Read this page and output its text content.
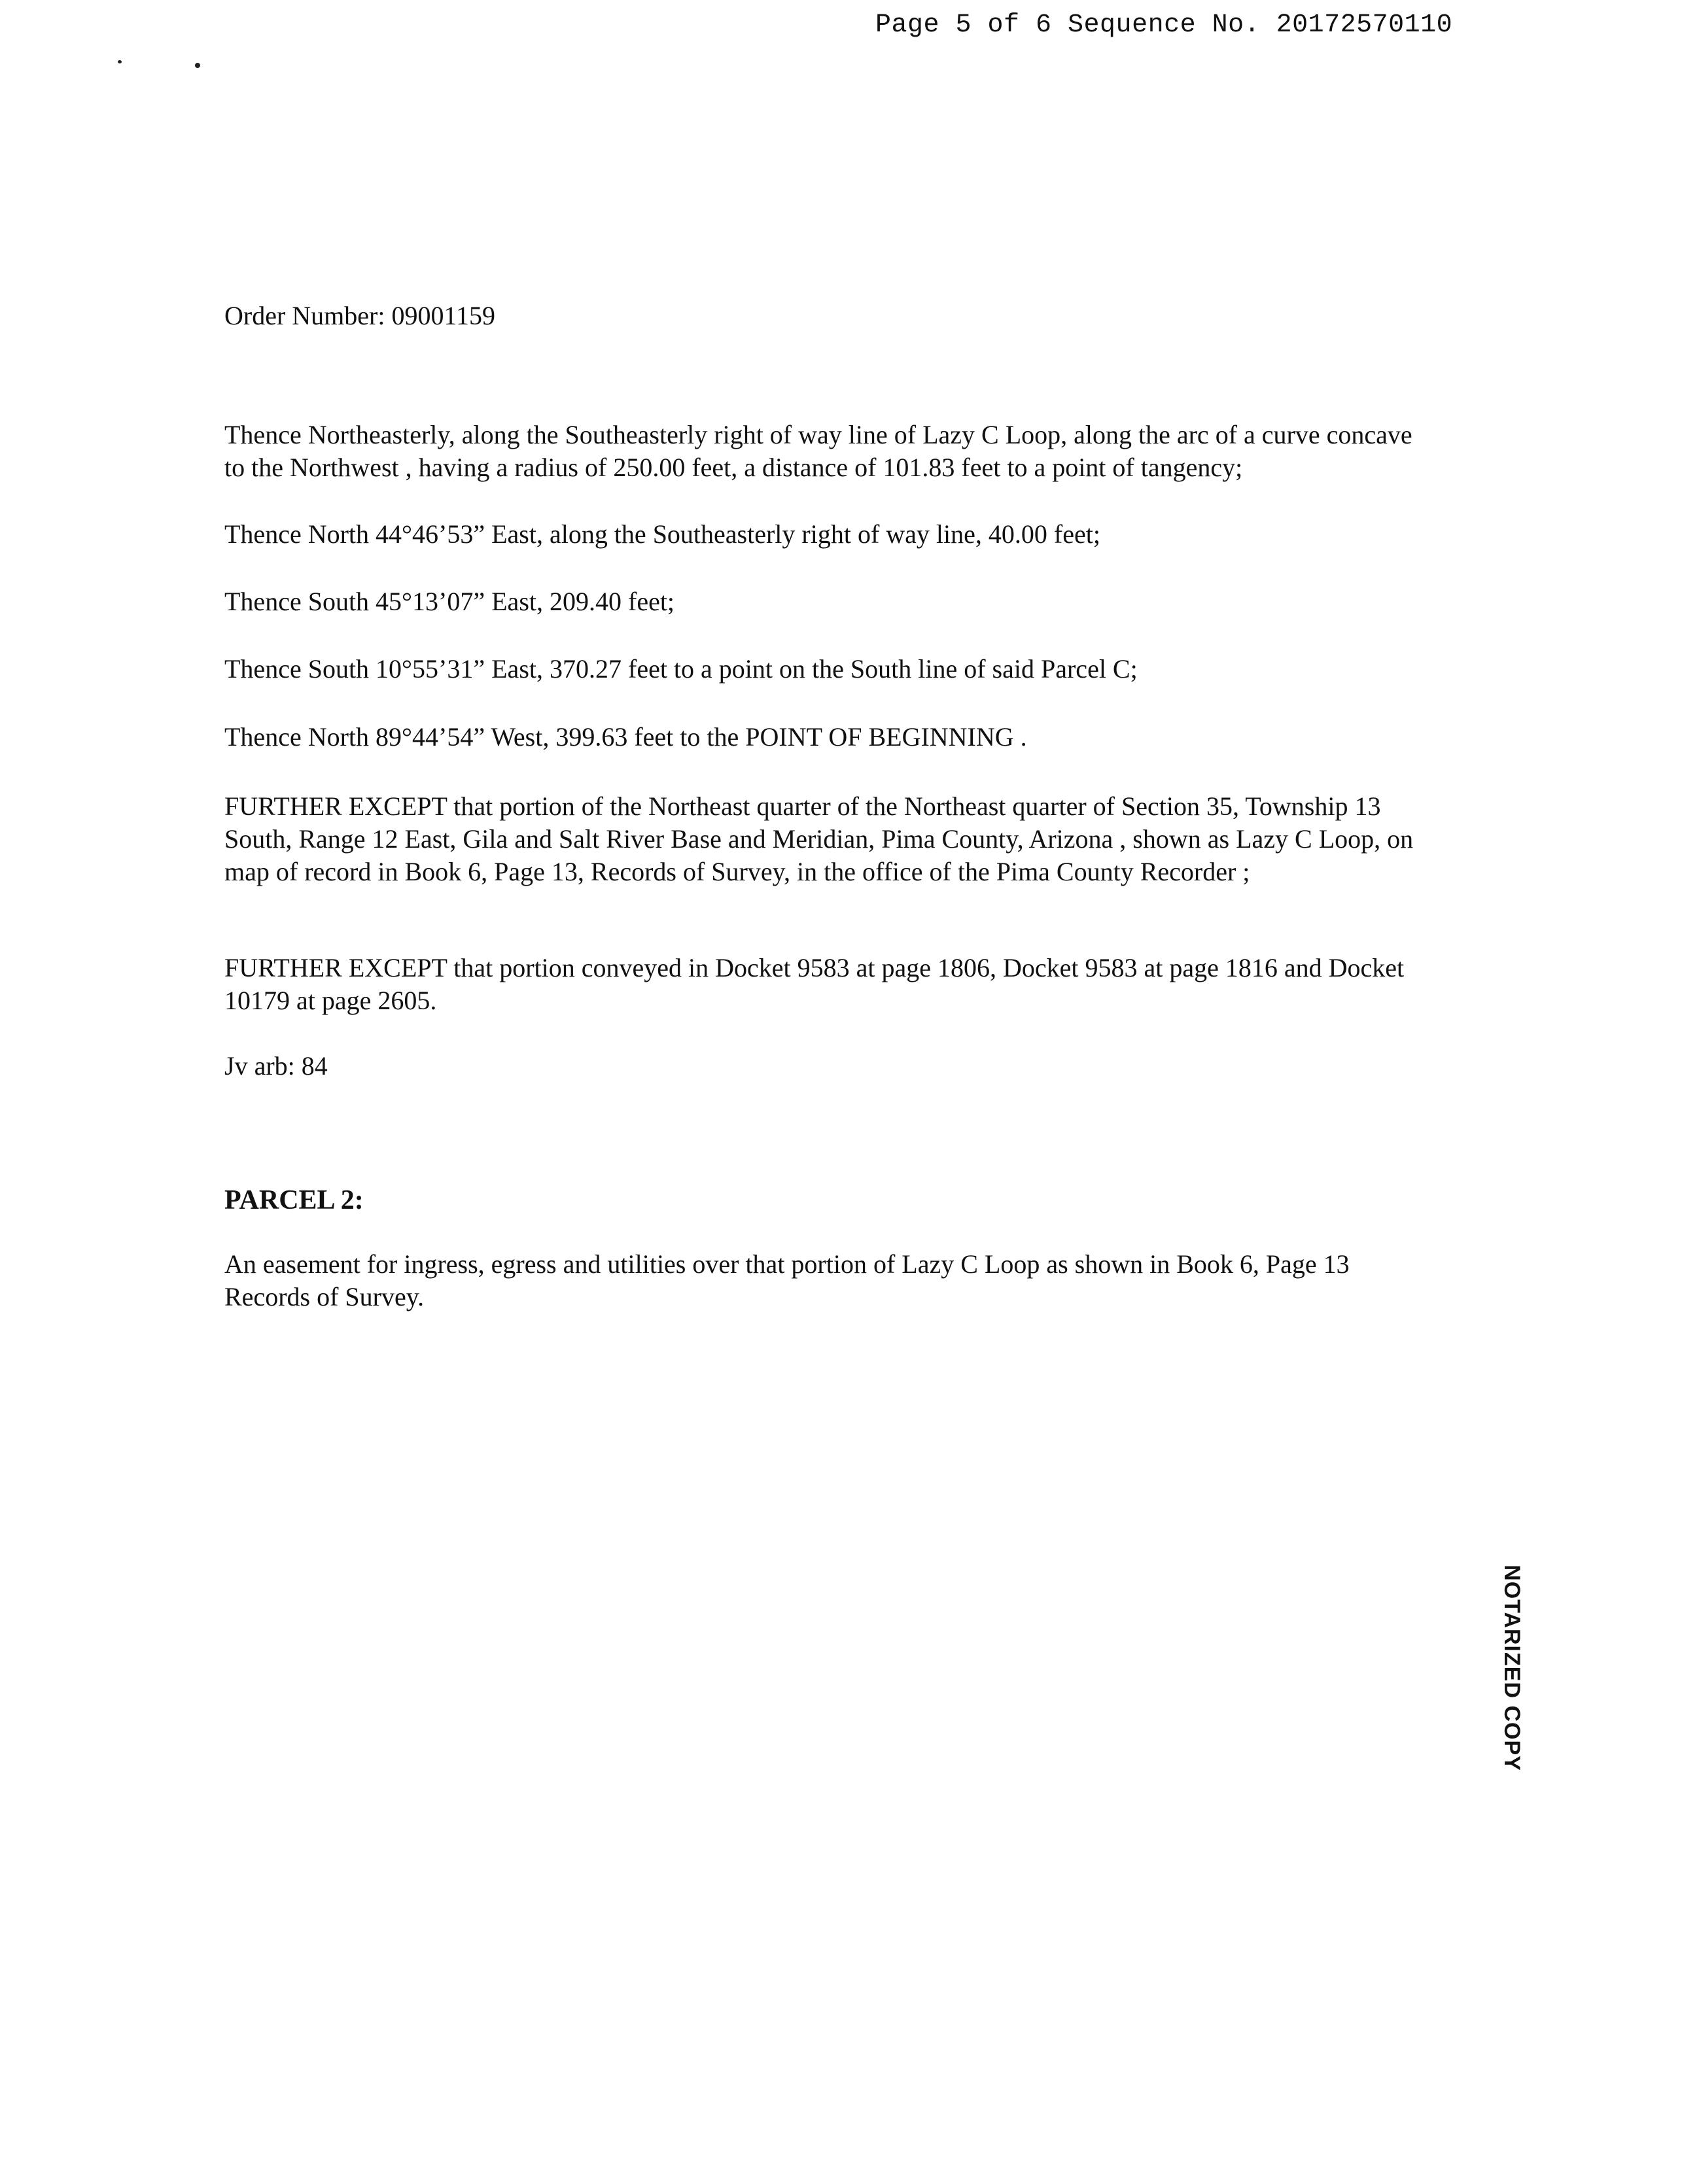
Page 5 of 6 Sequence No. 20172570110

Order Number: 09001159

Thence Northeasterly, along the Southeasterly right of way line of Lazy C Loop, along the arc of a curve concave to the Northwest , having a radius of 250.00 feet, a distance of 101.83 feet to a point of tangency;

Thence North 44°46’53” East, along the Southeasterly right of way line, 40.00 feet;

Thence South 45°13’07” East, 209.40 feet;

Thence South 10°55’31” East, 370.27 feet to a point on the South line of said Parcel C;

Thence North 89°44’54” West, 399.63 feet to the POINT OF BEGINNING .

FURTHER EXCEPT that portion of the Northeast quarter of the Northeast quarter of Section 35, Township 13 South, Range 12 East, Gila and Salt River Base and Meridian, Pima County, Arizona , shown as Lazy C Loop, on map of record in Book 6, Page 13, Records of Survey, in the office of the Pima County Recorder ;

FURTHER EXCEPT that portion conveyed in Docket 9583 at page 1806, Docket 9583 at page 1816 and Docket 10179 at page 2605.

Jv arb: 84

PARCEL 2:

An easement for ingress, egress and utilities over that portion of Lazy C Loop as shown in Book 6, Page 13 Records of Survey.

NOTARIZED COPY
